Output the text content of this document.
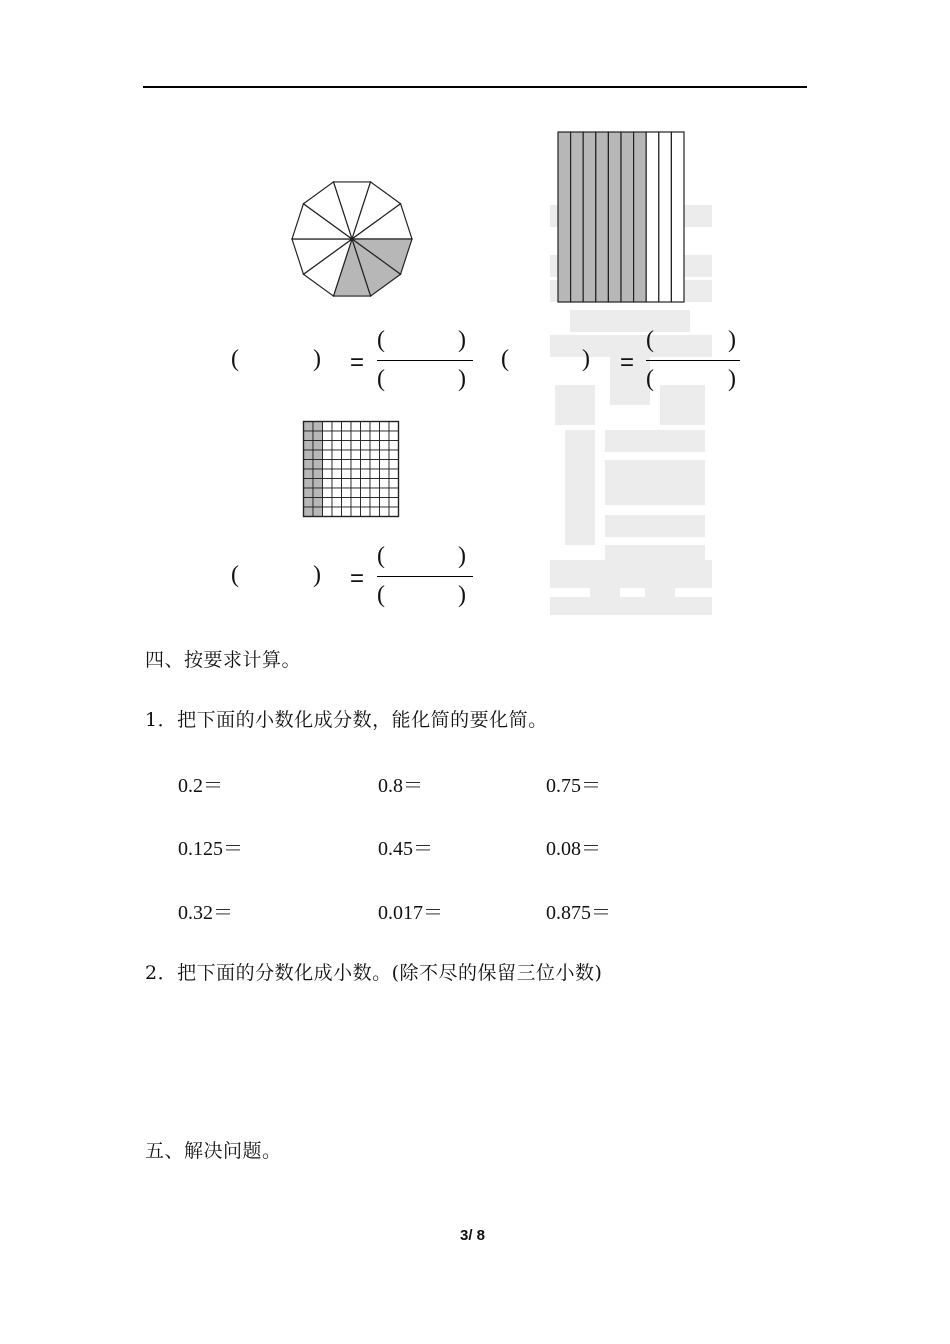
(	) =
(	)
(	)
(	) =
(	)
(	)
(	) =
(	)
(	)
四、按要求计算。
1．把下面的小数化成分数，能化简的要化简。
0.2＝	0.8＝	0.75＝
0.125＝	0.45＝	0.08＝
0.32＝	0.017＝	0.875＝
2．把下面的分数化成小数。(除不尽的保留三位小数)
五、解决问题。
3/ 8
